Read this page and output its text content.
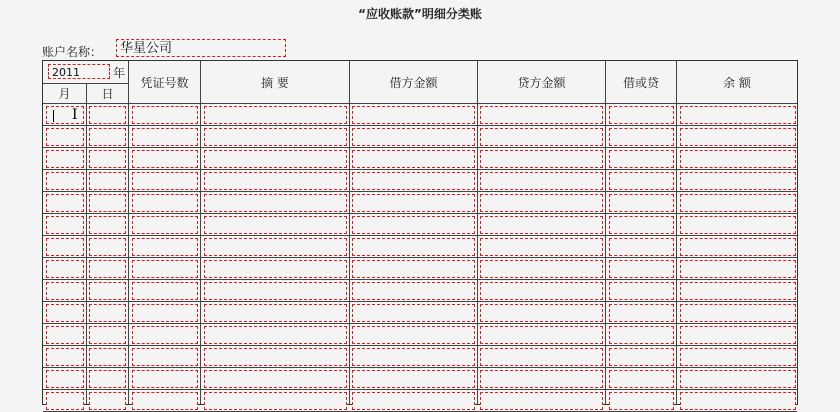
“应收账款”明细分类账
账户名称：	华星公司
2011	年
月	日
凭证号数	摘 要	借方金额	贷方金额	借或贷	余 额
I
